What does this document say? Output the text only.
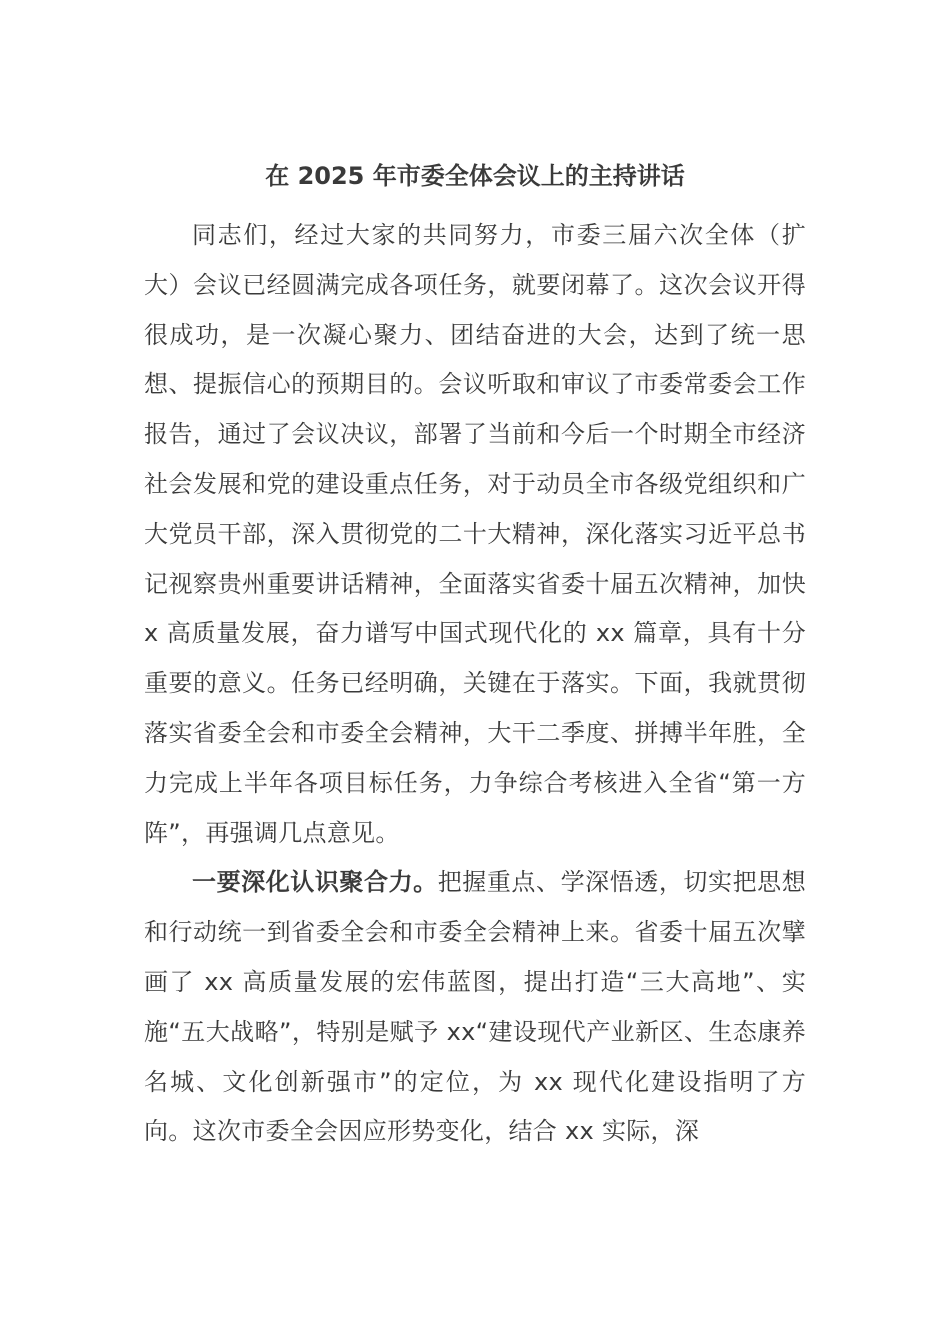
在 2025 年市委全体会议上的主持讲话

同志们，经过大家的共同努力，市委三届六次全体（扩大）会议已经圆满完成各项任务，就要闭幕了。这次会议开得很成功，是一次凝心聚力、团结奋进的大会，达到了统一思想、提振信心的预期目的。会议听取和审议了市委常委会工作报告，通过了会议决议，部署了当前和今后一个时期全市经济社会发展和党的建设重点任务，对于动员全市各级党组织和广大党员干部，深入贯彻党的二十大精神，深化落实习近平总书记视察贵州重要讲话精神，全面落实省委十届五次精神，加快 x 高质量发展，奋力谱写中国式现代化的 xx 篇章，具有十分重要的意义。任务已经明确，关键在于落实。下面，我就贯彻落实省委全会和市委全会精神，大干二季度、拼搏半年胜，全力完成上半年各项目标任务，力争综合考核进入全省“第一方阵”，再强调几点意见。

一要深化认识聚合力。把握重点、学深悟透，切实把思想和行动统一到省委全会和市委全会精神上来。省委十届五次擘画了 xx 高质量发展的宏伟蓝图，提出打造“三大高地”、实施“五大战略”，特别是赋予 xx“建设现代产业新区、生态康养名城、文化创新强市”的定位，为 xx 现代化建设指明了方向。这次市委全会因应形势变化，结合 xx 实际，深
